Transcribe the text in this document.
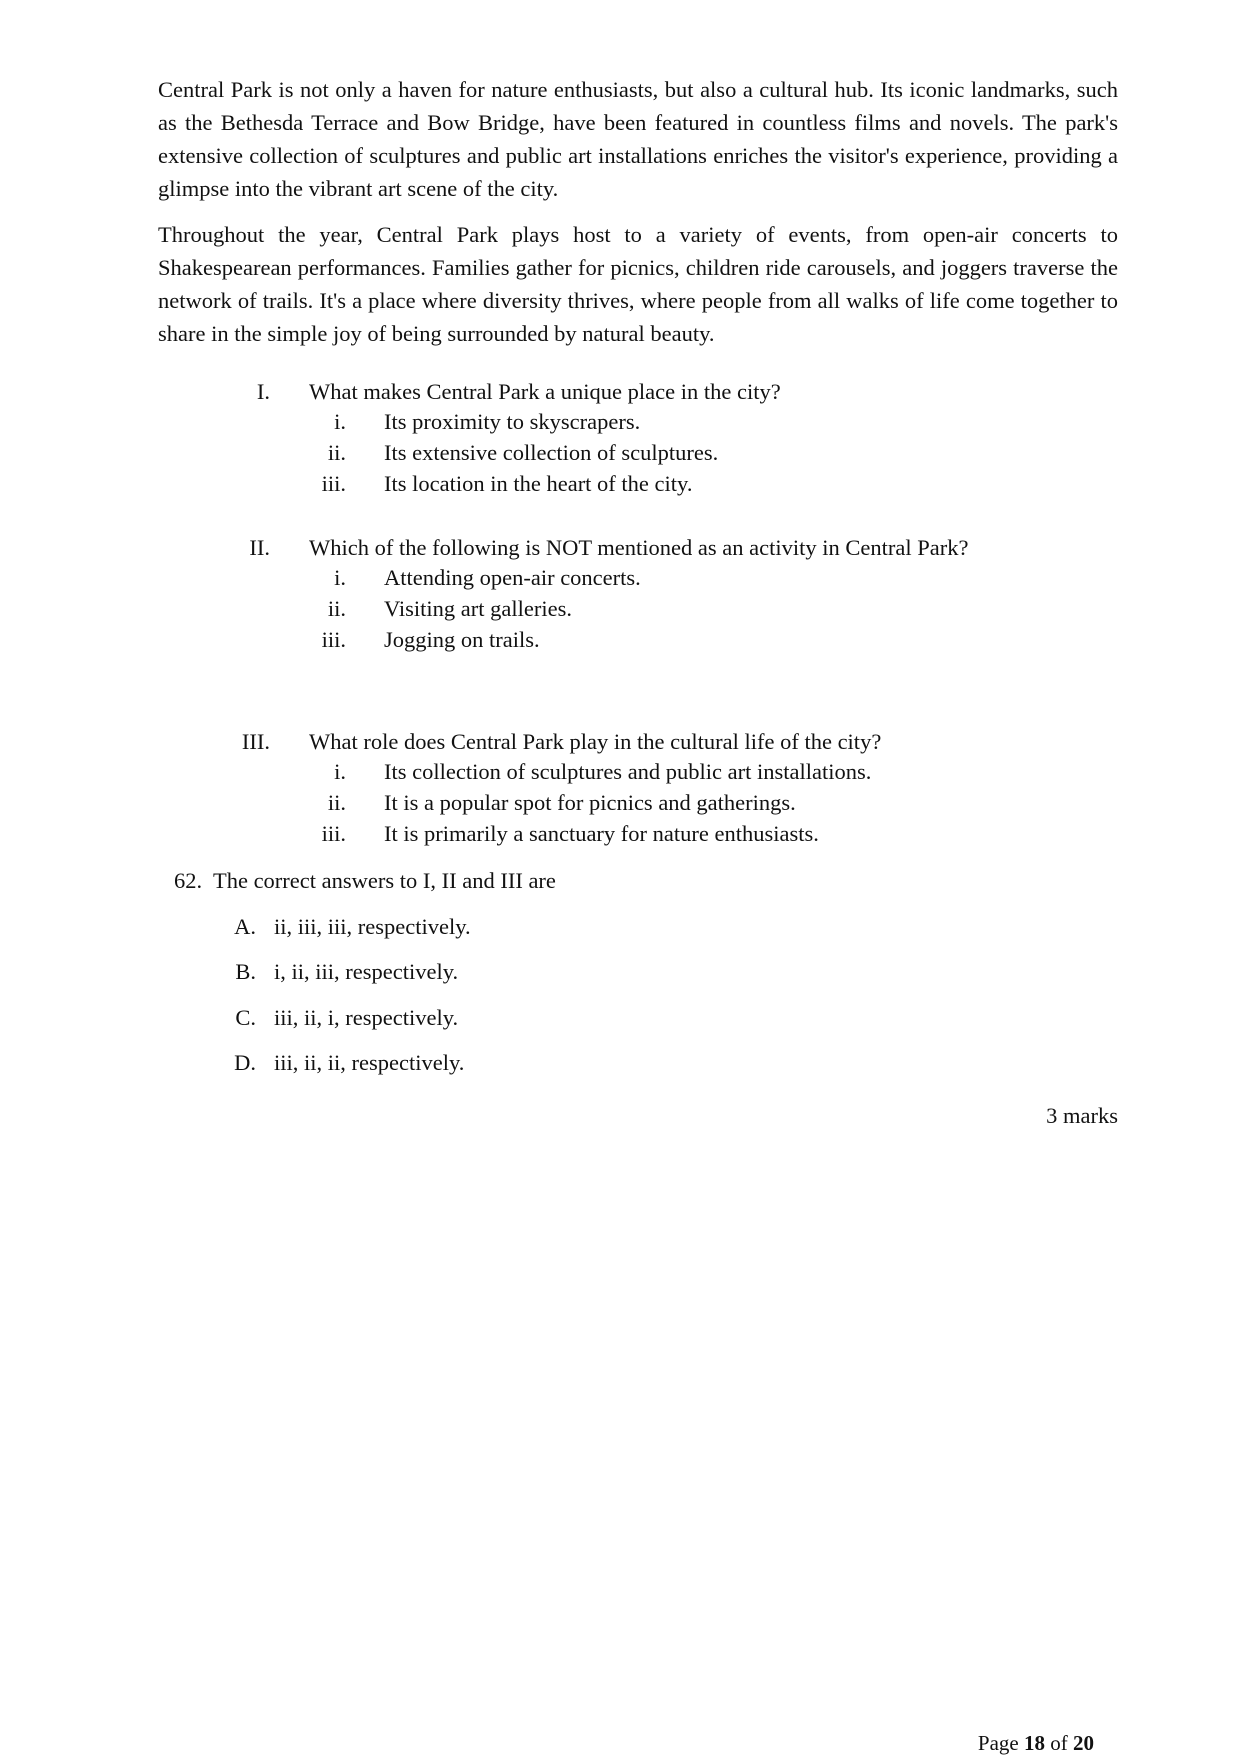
Central Park is not only a haven for nature enthusiasts, but also a cultural hub. Its iconic landmarks, such as the Bethesda Terrace and Bow Bridge, have been featured in countless films and novels. The park's extensive collection of sculptures and public art installations enriches the visitor's experience, providing a glimpse into the vibrant art scene of the city.

Throughout the year, Central Park plays host to a variety of events, from open-air concerts to Shakespearean performances. Families gather for picnics, children ride carousels, and joggers traverse the network of trails. It's a place where diversity thrives, where people from all walks of life come together to share in the simple joy of being surrounded by natural beauty.

I. What makes Central Park a unique place in the city?
i. Its proximity to skyscrapers.
ii. Its extensive collection of sculptures.
iii. Its location in the heart of the city.
II. Which of the following is NOT mentioned as an activity in Central Park?
i. Attending open-air concerts.
ii. Visiting art galleries.
iii. Jogging on trails.
III. What role does Central Park play in the cultural life of the city?
i. Its collection of sculptures and public art installations.
ii. It is a popular spot for picnics and gatherings.
iii. It is primarily a sanctuary for nature enthusiasts.
62. The correct answers to I, II and III are
A. ii, iii, iii, respectively.
B. i, ii, iii, respectively.
C. iii, ii, i, respectively.
D. iii, ii, ii, respectively.
3 marks
Page 18 of 20
